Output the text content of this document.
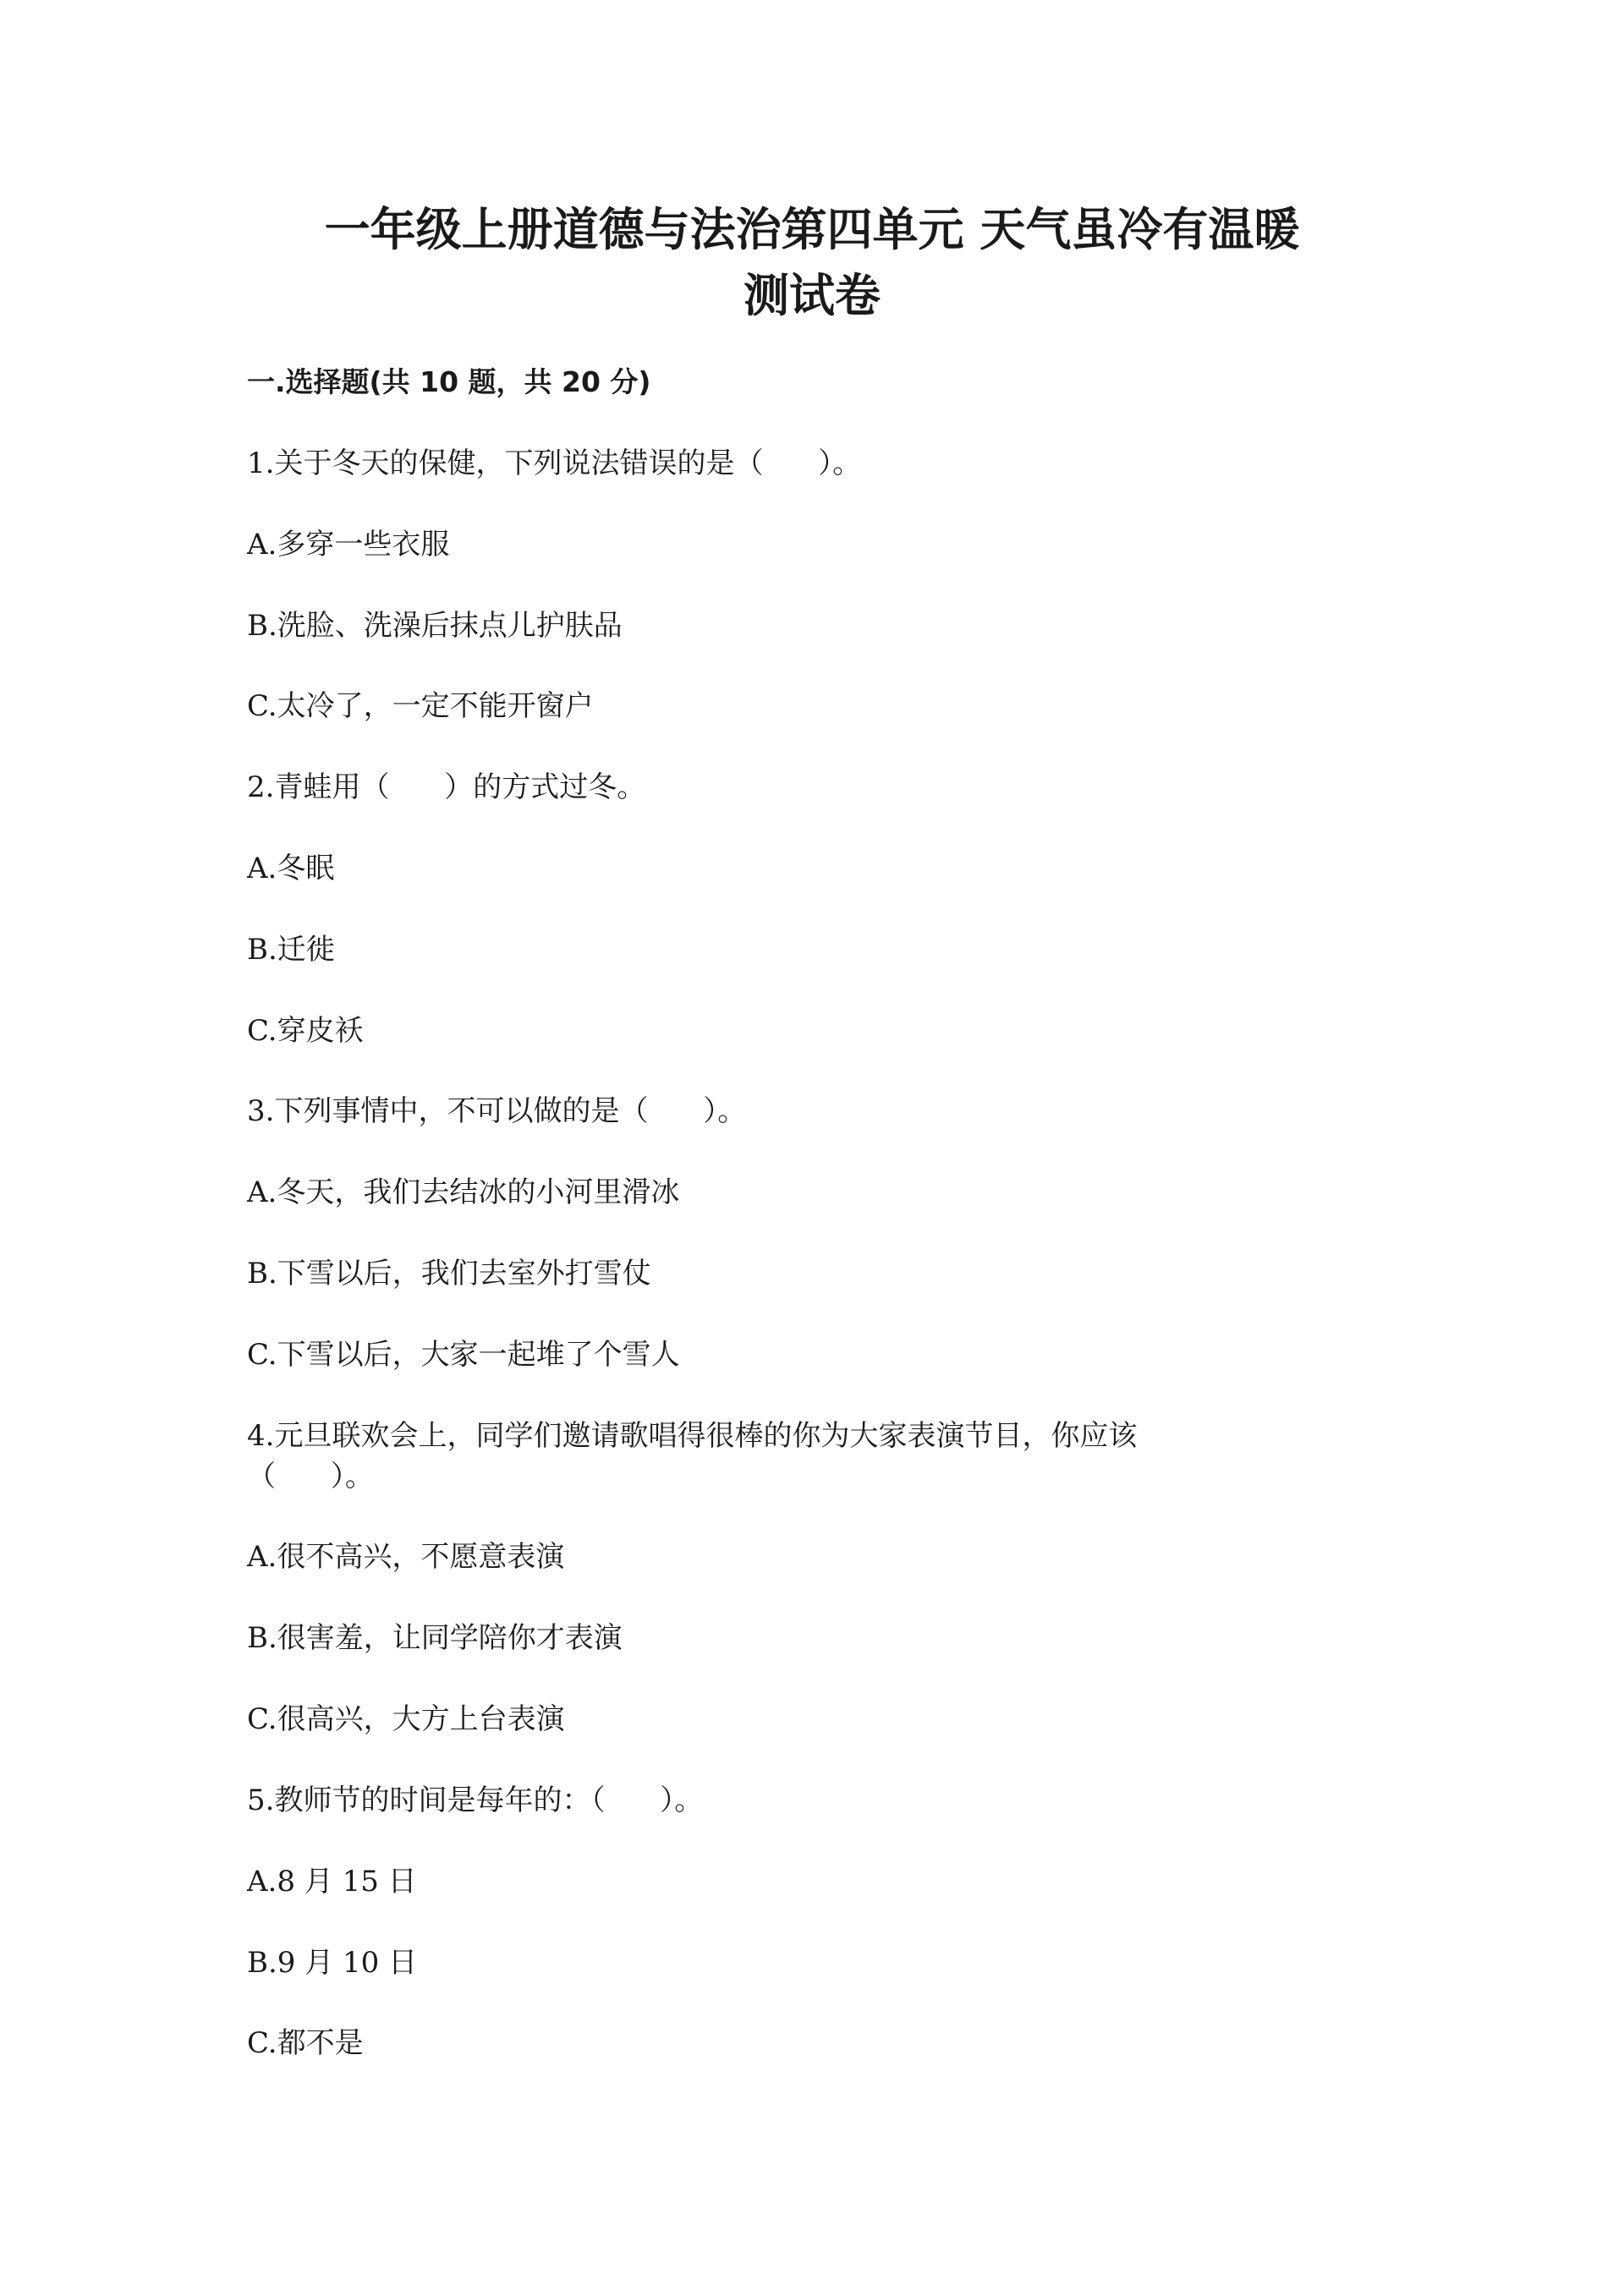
一年级上册道德与法治第四单元 天气虽冷有温暖
测试卷
一.选择题(共 10 题，共 20 分)

1.关于冬天的保健，下列说法错误的是（      ）。

A.多穿一些衣服

B.洗脸、洗澡后抹点儿护肤品

C.太冷了，一定不能开窗户

2.青蛙用（      ）的方式过冬。

A.冬眠

B.迁徙

C.穿皮袄

3.下列事情中，不可以做的是（      ）。

A.冬天，我们去结冰的小河里滑冰

B.下雪以后，我们去室外打雪仗

C.下雪以后，大家一起堆了个雪人

4.元旦联欢会上，同学们邀请歌唱得很棒的你为大家表演节目，你应该

（      ）。

A.很不高兴，不愿意表演

B.很害羞，让同学陪你才表演

C.很高兴，大方上台表演

5.教师节的时间是每年的：（      ）。

A.8 月 15 日

B.9 月 10 日

C.都不是
